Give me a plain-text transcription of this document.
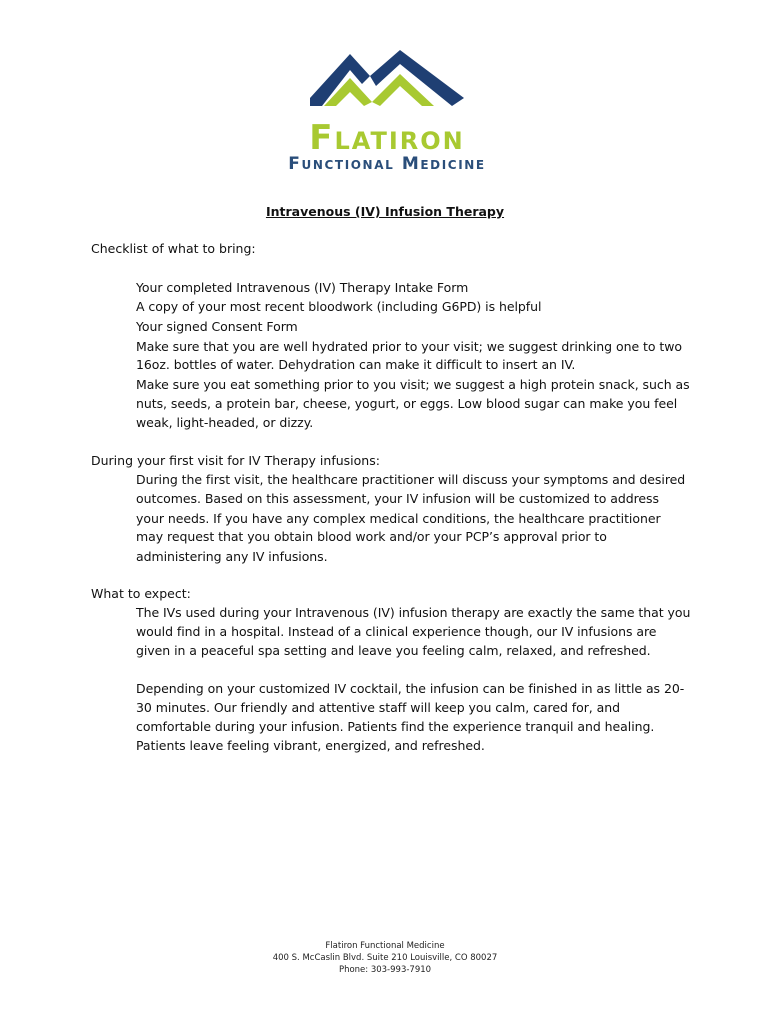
Flatiron
Functional Medicine
Intravenous (IV) Infusion Therapy
Checklist of what to bring:
Your completed Intravenous (IV) Therapy Intake Form
A copy of your most recent bloodwork (including G6PD) is helpful
Your signed Consent Form
Make sure that you are well hydrated prior to your visit; we suggest drinking one to two
16oz. bottles of water. Dehydration can make it difficult to insert an IV.
Make sure you eat something prior to you visit; we suggest a high protein snack, such as
nuts, seeds, a protein bar, cheese, yogurt, or eggs. Low blood sugar can make you feel
weak, light-headed, or dizzy.
During your first visit for IV Therapy infusions:
During the first visit, the healthcare practitioner will discuss your symptoms and desired
outcomes. Based on this assessment, your IV infusion will be customized to address
your needs. If you have any complex medical conditions, the healthcare practitioner
may request that you obtain blood work and/or your PCP’s approval prior to
administering any IV infusions.
What to expect:
The IVs used during your Intravenous (IV) infusion therapy are exactly the same that you
would find in a hospital. Instead of a clinical experience though, our IV infusions are
given in a peaceful spa setting and leave you feeling calm, relaxed, and refreshed.
Depending on your customized IV cocktail, the infusion can be finished in as little as 20-
30 minutes. Our friendly and attentive staff will keep you calm, cared for, and
comfortable during your infusion. Patients find the experience tranquil and healing.
Patients leave feeling vibrant, energized, and refreshed.
Flatiron Functional Medicine
400 S. McCaslin Blvd. Suite 210 Louisville, CO 80027
Phone: 303-993-7910
